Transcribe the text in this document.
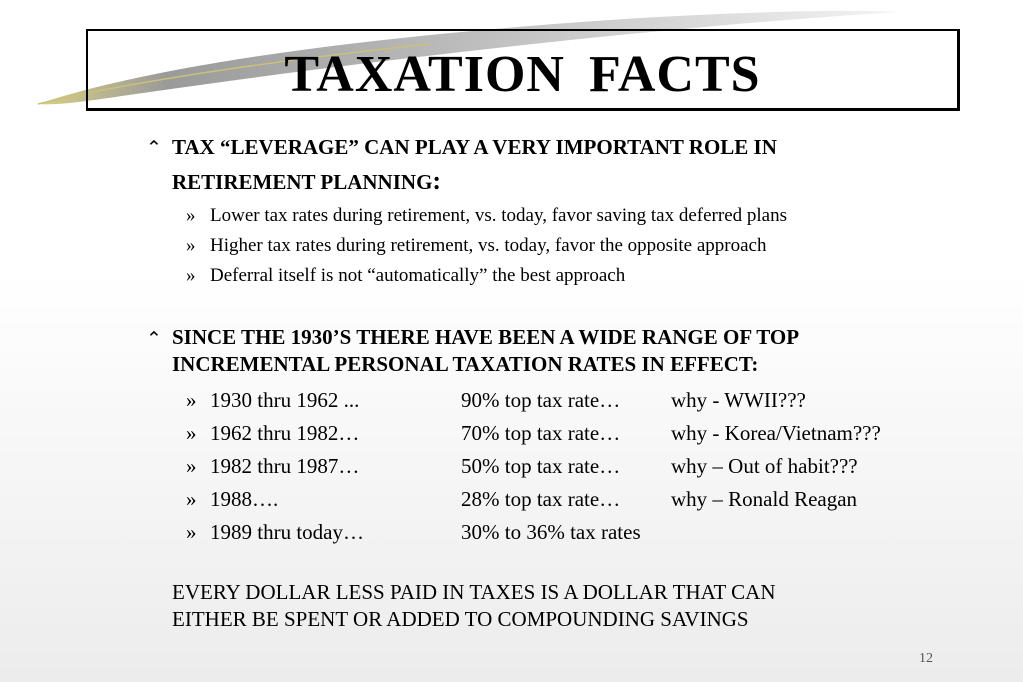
TAXATION FACTS
⌃ TAX “LEVERAGE” CAN PLAY A VERY IMPORTANT ROLE IN
RETIREMENT PLANNING:
» Lower tax rates during retirement, vs. today, favor saving tax deferred plans
» Higher tax rates during retirement, vs. today, favor the opposite approach
» Deferral itself is not “automatically” the best approach
⌃ SINCE THE 1930’S THERE HAVE BEEN A WIDE RANGE OF TOP
INCREMENTAL PERSONAL TAXATION RATES IN EFFECT:
» 1930 thru 1962 ...	90% top tax rate… why - WWII???
» 1962 thru 1982…	70% top tax rate… why - Korea/Vietnam???
» 1982 thru 1987…	50% top tax rate… why – Out of habit???
» 1988….	28% top tax rate… why – Ronald Reagan
» 1989 thru today…	30% to 36% tax rates
EVERY DOLLAR LESS PAID IN TAXES IS A DOLLAR THAT CAN
EITHER BE SPENT OR ADDED TO COMPOUNDING SAVINGS
12
